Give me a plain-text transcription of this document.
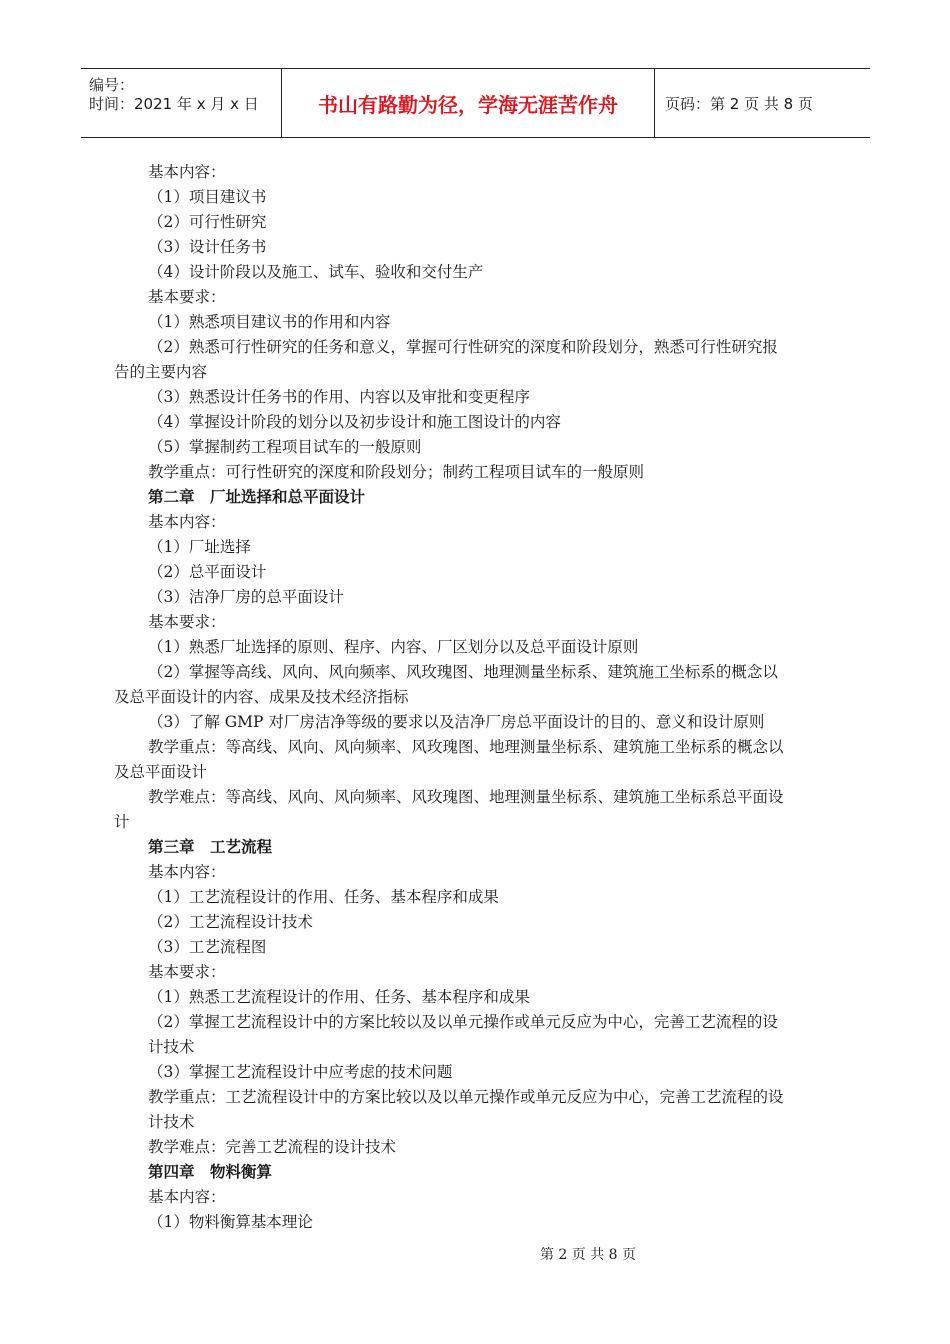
编号：
时间：2021 年 x 月 x 日	书山有路勤为径，学海无涯苦作舟	页码：第 2 页 共 8 页
基本内容：
（1）项目建议书
（2）可行性研究
（3）设计任务书
（4）设计阶段以及施工、试车、验收和交付生产
基本要求：
（1）熟悉项目建议书的作用和内容
（2）熟悉可行性研究的任务和意义，掌握可行性研究的深度和阶段划分，熟悉可行性研究报
告的主要内容
（3）熟悉设计任务书的作用、内容以及审批和变更程序
（4）掌握设计阶段的划分以及初步设计和施工图设计的内容
（5）掌握制药工程项目试车的一般原则
教学重点：可行性研究的深度和阶段划分；制药工程项目试车的一般原则
第二章　厂址选择和总平面设计
基本内容：
（1）厂址选择
（2）总平面设计
（3）洁净厂房的总平面设计
基本要求：
（1）熟悉厂址选择的原则、程序、内容、厂区划分以及总平面设计原则
（2）掌握等高线、风向、风向频率、风玫瑰图、地理测量坐标系、建筑施工坐标系的概念以
及总平面设计的内容、成果及技术经济指标
（3）了解 GMP 对厂房洁净等级的要求以及洁净厂房总平面设计的目的、意义和设计原则
教学重点：等高线、风向、风向频率、风玫瑰图、地理测量坐标系、建筑施工坐标系的概念以
及总平面设计
教学难点：等高线、风向、风向频率、风玫瑰图、地理测量坐标系、建筑施工坐标系总平面设
计
第三章　工艺流程
基本内容：
（1）工艺流程设计的作用、任务、基本程序和成果
（2）工艺流程设计技术
（3）工艺流程图
基本要求：
（1）熟悉工艺流程设计的作用、任务、基本程序和成果
（2）掌握工艺流程设计中的方案比较以及以单元操作或单元反应为中心，完善工艺流程的设
计技术
（3）掌握工艺流程设计中应考虑的技术问题
教学重点：工艺流程设计中的方案比较以及以单元操作或单元反应为中心，完善工艺流程的设
计技术
教学难点：完善工艺流程的设计技术
第四章　物料衡算
基本内容：
（1）物料衡算基本理论
第 2 页 共 8 页
